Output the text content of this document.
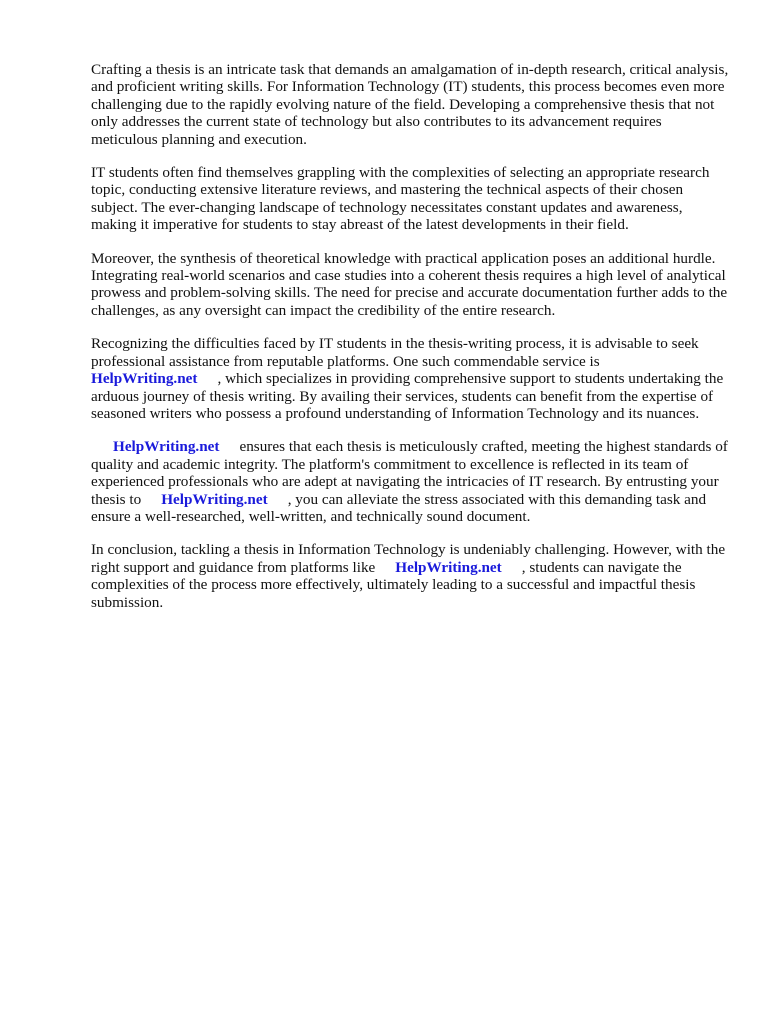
Crafting a thesis is an intricate task that demands an amalgamation of in-depth research, critical analysis, and proficient writing skills. For Information Technology (IT) students, this process becomes even more challenging due to the rapidly evolving nature of the field. Developing a comprehensive thesis that not only addresses the current state of technology but also contributes to its advancement requires meticulous planning and execution.

IT students often find themselves grappling with the complexities of selecting an appropriate research topic, conducting extensive literature reviews, and mastering the technical aspects of their chosen subject. The ever-changing landscape of technology necessitates constant updates and awareness, making it imperative for students to stay abreast of the latest developments in their field.

Moreover, the synthesis of theoretical knowledge with practical application poses an additional hurdle. Integrating real-world scenarios and case studies into a coherent thesis requires a high level of analytical prowess and problem-solving skills. The need for precise and accurate documentation further adds to the challenges, as any oversight can impact the credibility of the entire research.

Recognizing the difficulties faced by IT students in the thesis-writing process, it is advisable to seek professional assistance from reputable platforms. One such commendable service is
HelpWriting.net , which specializes in providing comprehensive support to students undertaking the arduous journey of thesis writing. By availing their services, students can benefit from the expertise of seasoned writers who possess a profound understanding of Information Technology and its nuances.

HelpWriting.net ensures that each thesis is meticulously crafted, meeting the highest standards of quality and academic integrity. The platform's commitment to excellence is reflected in its team of experienced professionals who are adept at navigating the intricacies of IT research. By entrusting your thesis to HelpWriting.net , you can alleviate the stress associated with this demanding task and ensure a well-researched, well-written, and technically sound document.

In conclusion, tackling a thesis in Information Technology is undeniably challenging. However, with the right support and guidance from platforms like HelpWriting.net , students can navigate the complexities of the process more effectively, ultimately leading to a successful and impactful thesis submission.
